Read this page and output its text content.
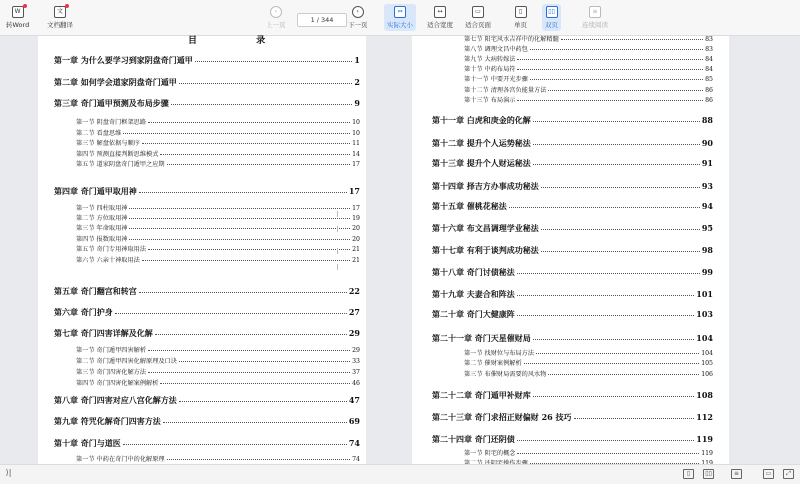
W
转Word
文
文档翻译
‹
上一页
1 / 344
›
下一页
⇔
实际大小
↔
适合宽度
▭
适合页面
▯
单页
▯▯
双页
≡
连续阅读
目 录
第一章 为什么要学习到家阴盘奇门遁甲	1
第二章 如何学会道家阴盘奇门遁甲	2
第三章 奇门遁甲预测及布局步骤	9
第一节 阴盘奇门框架思路	10
第二节 看盘思维	10
第三节 解盘依据与顺序	11
第四节 预测直接判断思维模式	14
第五节 道家阴盘奇门遁甲之应期	17
第四章 奇门遁甲取用神	17
第一节 四柱取用神	17
第二节 方位取用神	19
第三节 年命取用神	20
第四节 报数取用神	20
第五节 奇门专用神取用法	21
第六节 六亲十神取用法	21
第五章 奇门翻宫和转宫	22
第六章 奇门护身	27
第七章 奇门四害详解及化解	29
第一节 奇门遁甲四害解析	29
第二节 奇门遁甲四害化解原理及口诀	33
第三节 奇门四害化解方法	37
第四节 奇门四害化解案例解析	46
第八章 奇门四害对应八宫化解方法	47
第九章 符咒化解奇门四害方法	69
第十章 奇门与道医	74
第一节 中药在奇门中的化解原理	74
第七节 阳宅风水吉祥中的化解精髓	83
第八节 调理文昌中药包	83
第九节 大病转嫁法	84
第十节 中药布局符	84
第十一节 中要开光步骤	85
第十二节 清理各宫负能量方法	86
第十三节 布局演示	86
第十一章 白虎和庚金的化解	88
第十二章 提升个人运势秘法	90
第十三章 提升个人财运秘法	91
第十四章 择吉方办事成功秘法	93
第十五章 催桃花秘法	94
第十六章 布文昌调理学业秘法	95
第十七章 有利于谈判成功秘法	98
第十八章 奇门讨债秘法	99
第十九章 夫妻合和阵法	101
第二十章 奇门大健康阵	103
第二十一章 奇门天星催财局	104
第一节 找财位与布局方法	104
第二节 催财案例解析	105
第三节 布催财局需要的风水物	106
第二十二章 奇门遁甲补财库	108
第二十三章 奇门求招正财偏财 26 技巧	112
第二十四章 奇门还阴债	119
第一节 阴宅的概念	119
⟩|	▯	▯▯	≡	▭	⤢
